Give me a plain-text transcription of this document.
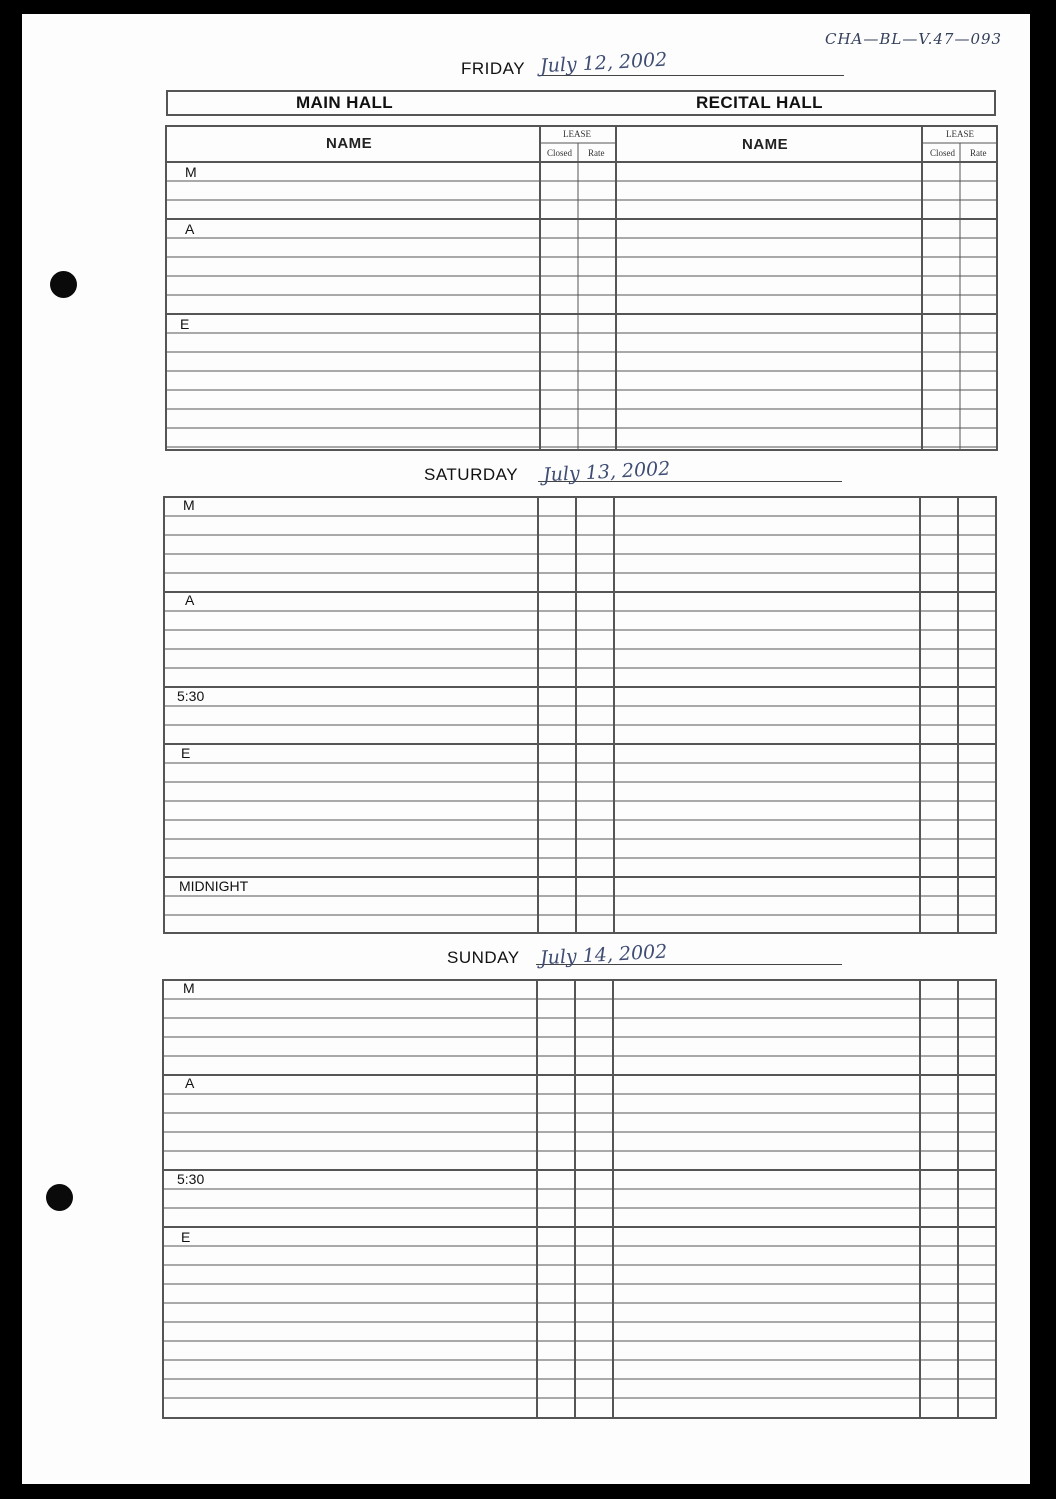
CHA—BL—V.47—093
FRIDAY July 12, 2002
SATURDAY July 13, 2002
SUNDAY July 14, 2002
MAIN HALL	RECITAL HALL
NAME	NAME
LEASE
Closed Rate
LEASE
Closed Rate
M
A
E
M
A
5:30
E
MIDNIGHT
M
A
5:30
E
